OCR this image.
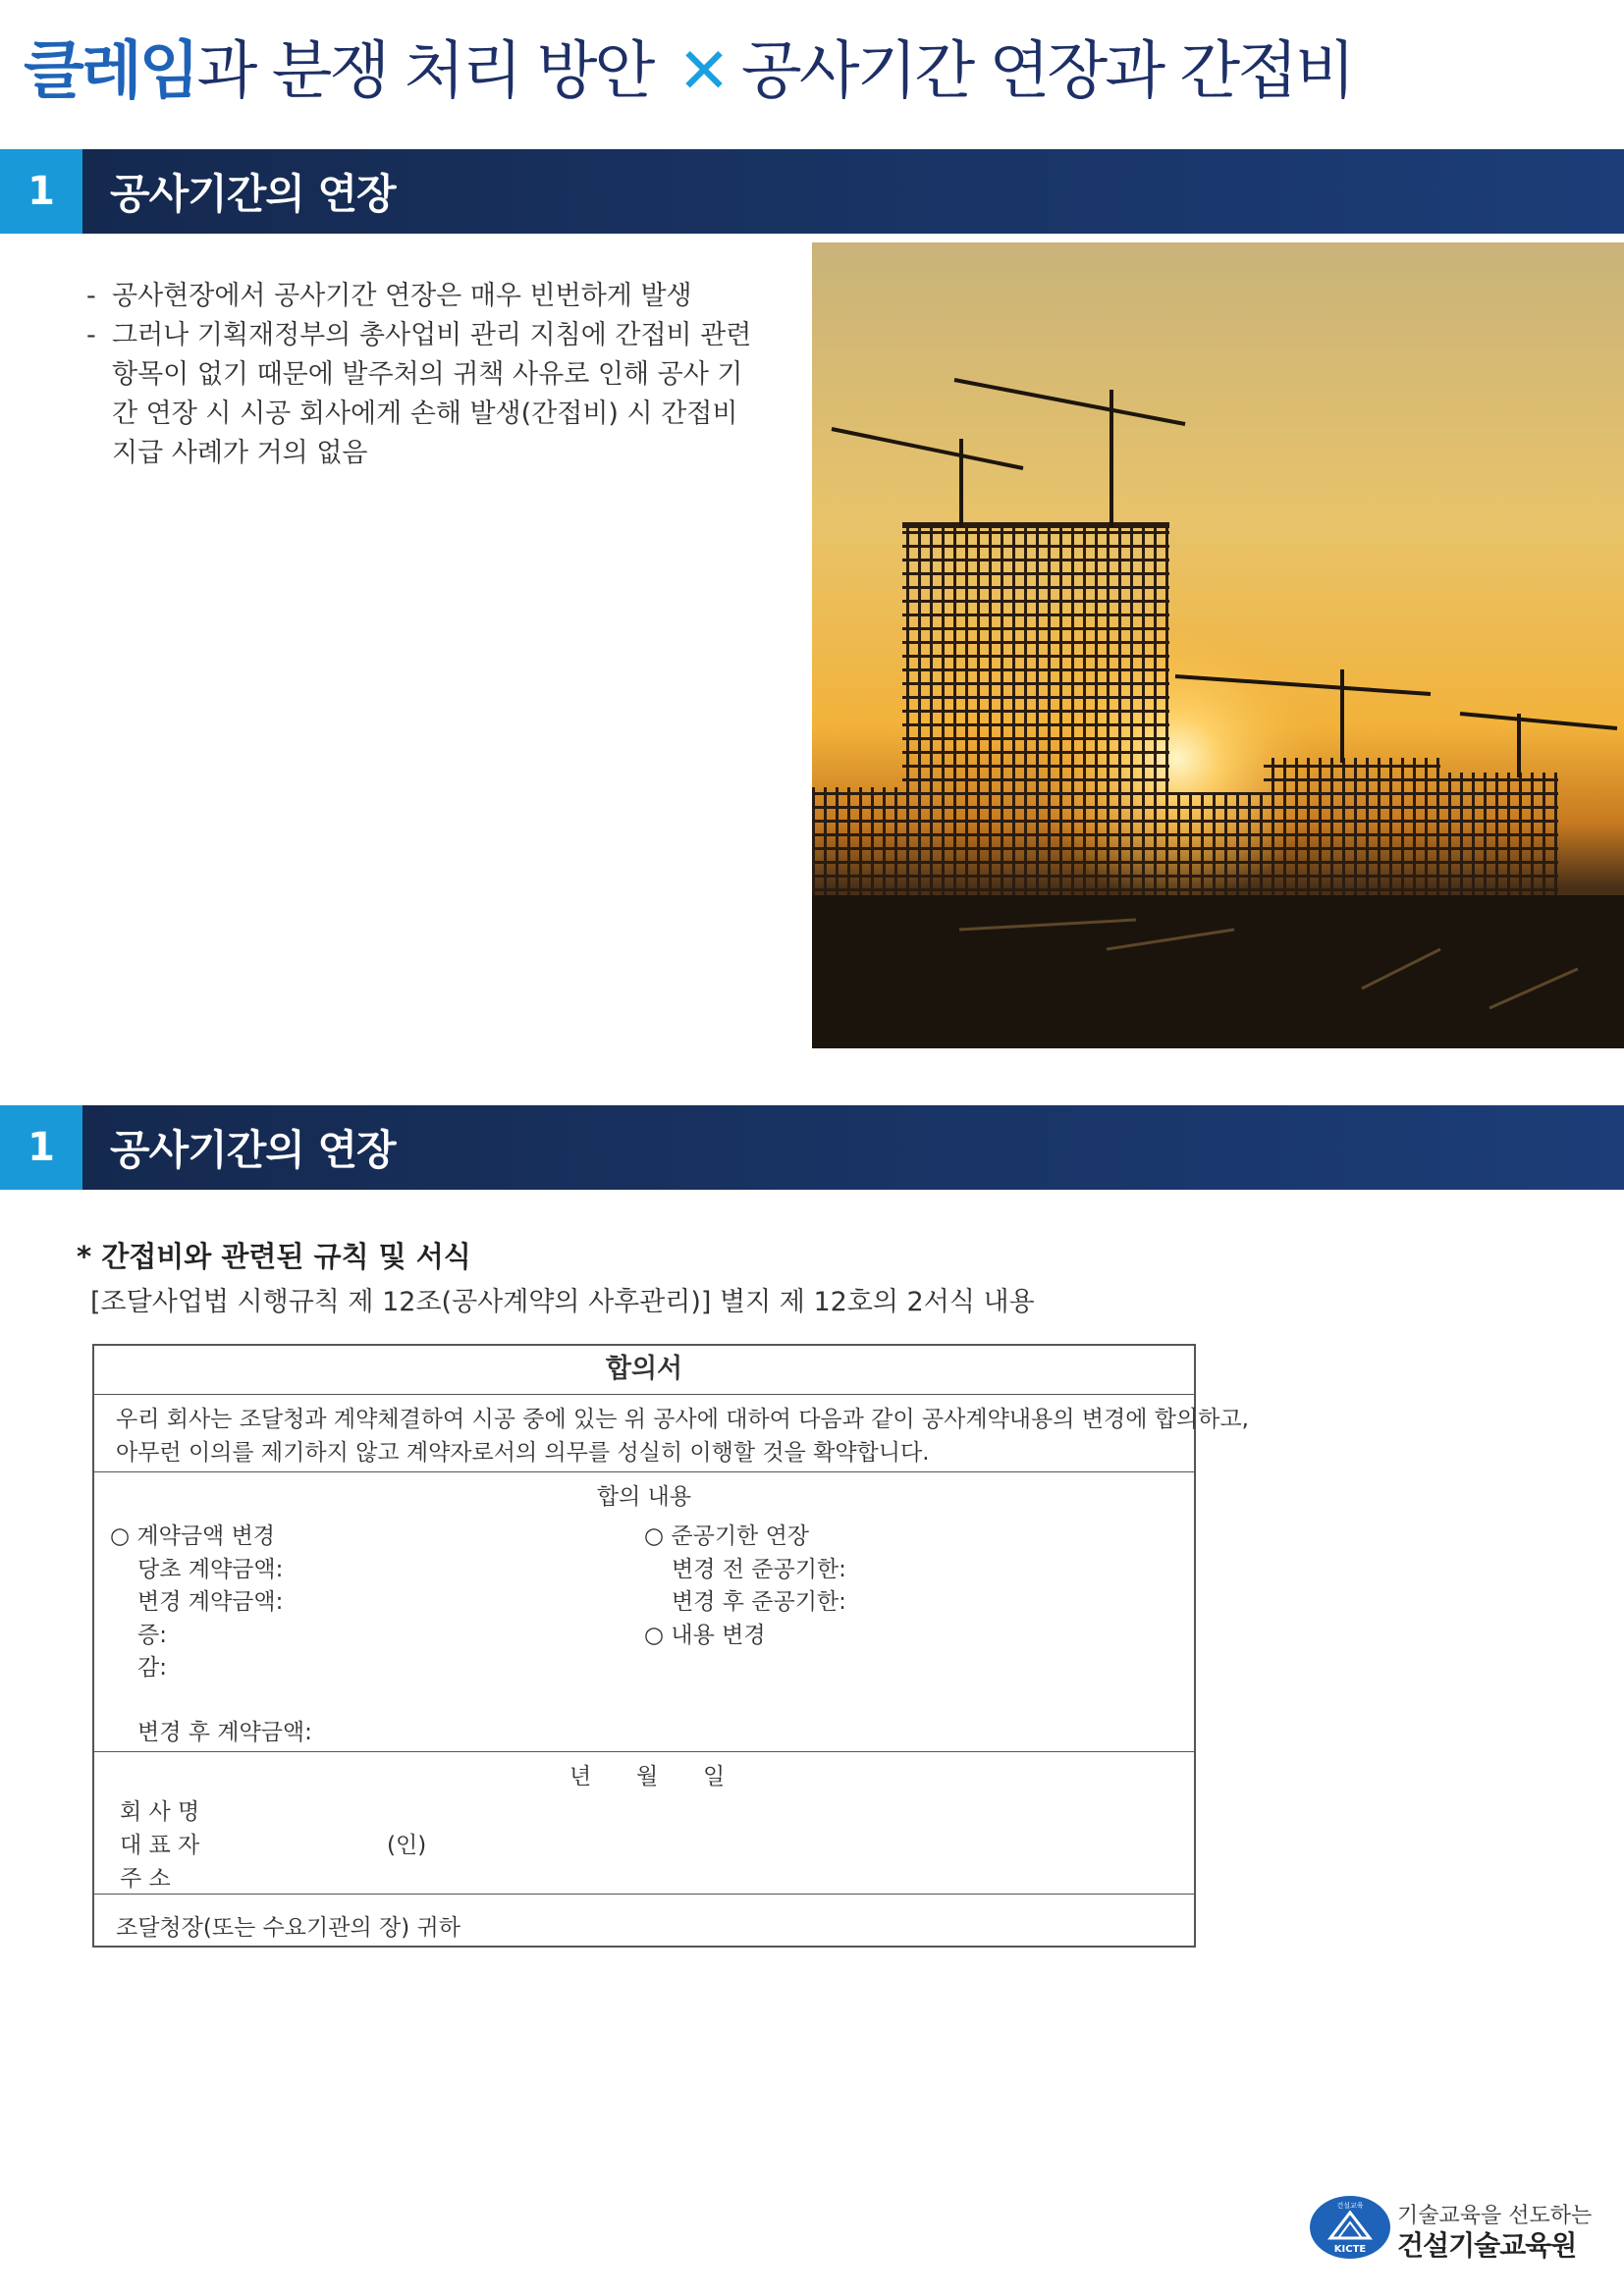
클레임과 분쟁 처리 방안 ✕ 공사기간 연장과 간접비
1	공사기간의 연장
- 공사현장에서 공사기간 연장은 매우 빈번하게 발생
- 그러나 기획재정부의 총사업비 관리 지침에 간접비 관련 항목이 없기 때문에 발주처의 귀책 사유로 인해 공사 기간 연장 시 시공 회사에게 손해 발생(간접비) 시 간접비 지급 사례가 거의 없음
1	공사기간의 연장
* 간접비와 관련된 규칙 및 서식
[조달사업법 시행규칙 제 12조(공사계약의 사후관리)] 별지 제 12호의 2서식 내용
합의서
우리 회사는 조달청과 계약체결하여 시공 중에 있는 위 공사에 대하여 다음과 같이 공사계약내용의 변경에 합의하고,
아무런 이의를 제기하지 않고 계약자로서의 의무를 성실히 이행할 것을 확약합니다.
합의 내용
○ 계약금액 변경
당초 계약금액:
변경 계약금액:
증:
감:
변경 후 계약금액:
○ 준공기한 연장
변경 전 준공기한:
변경 후 준공기한:
○ 내용 변경
년 월 일
회 사 명
대 표 자	(인)
주 소
조달청장(또는 수요기관의 장) 귀하
KICTE
건설교육 기술교육을 선도하는
건설기술교육원
